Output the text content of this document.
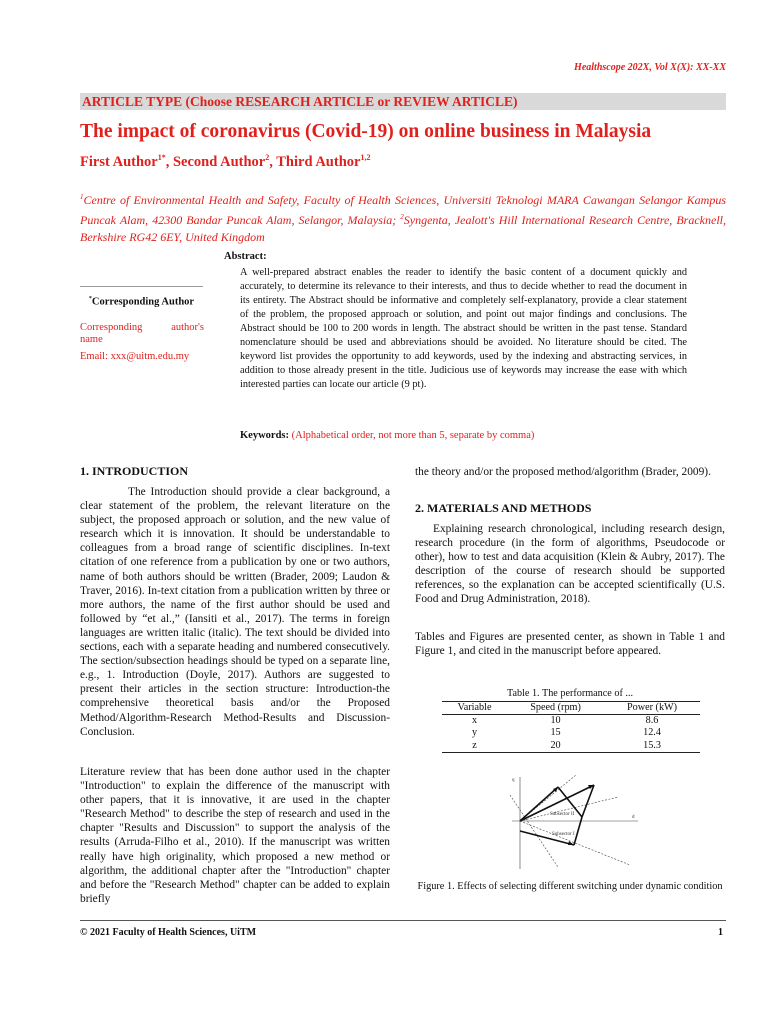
Healthscope 202X, Vol X(X): XX-XX
ARTICLE TYPE (Choose RESEARCH ARTICLE or REVIEW ARTICLE)
The impact of coronavirus (Covid-19) on online business in Malaysia
First Author$^{1*}$, Second Author$^2$, Third Author$^{1,2}$
$^1$Centre of Environmental Health and Safety, Faculty of Health Sciences, Universiti Teknologi MARA Cawangan Selangor Kampus Puncak Alam, 42300 Bandar Puncak Alam, Selangor, Malaysia; $^2$Syngenta, Jealott's Hill International Research Centre, Bracknell, Berkshire RG42 6EY, United Kingdom
Abstract:
A well-prepared abstract enables the reader to identify the basic content of a document quickly and accurately, to determine its relevance to their interests, and thus to decide whether to read the document in its entirety. The Abstract should be informative and completely self-explanatory, provide a clear statement of the problem, the proposed approach or solution, and point out major findings and conclusions. The Abstract should be 100 to 200 words in length. The abstract should be written in the past tense. Standard nomenclature should be used and abbreviations should be avoided. No literature should be cited. The keyword list provides the opportunity to add keywords, used by the indexing and abstracting services, in addition to those already present in the title. Judicious use of keywords may increase the ease with which interested parties can locate our article (9 pt).
*Corresponding Author
Corresponding author's
name
Email: xxx@uitm.edu.my
Keywords: (Alphabetical order, not more than 5, separate by comma)
1. INTRODUCTION

The Introduction should provide a clear background, a clear statement of the problem, the relevant literature on the subject, the proposed approach or solution, and the new value of research which it is innovation. It should be understandable to colleagues from a broad range of scientific disciplines. In-text citation of one reference from a publication by one or two authors, name of both authors should be written (Brader, 2009; Laudon & Traver, 2016). In-text citation from a publication written by three or more authors, the name of the first author should be used and followed by “et al.,” (Iansiti et al., 2017). The terms in foreign languages are written italic (italic). The text should be divided into sections, each with a separate heading and numbered consecutively. The section/subsection headings should be typed on a separate line, e.g., 1. Introduction (Doyle, 2017). Authors are suggested to present their articles in the section structure: Introduction-the comprehensive theoretical basis and/or the Proposed Method/Algorithm-Research Method-Results and Discussion-Conclusion.

Literature review that has been done author used in the chapter "Introduction" to explain the difference of the manuscript with other papers, that it is innovative, it are used in the chapter "Research Method" to describe the step of research and used in the chapter "Results and Discussion" to support the analysis of the results (Arruda-Filho et al., 2010). If the manuscript was written really have high originality, which proposed a new method or algorithm, the additional chapter after the "Introduction" chapter and before the "Research Method" chapter can be added to explain briefly

the theory and/or the proposed method/algorithm (Brader, 2009).

2. MATERIALS AND METHODS

Explaining research chronological, including research design, research procedure (in the form of algorithms, Pseudocode or other), how to test and data acquisition (Klein & Aubry, 2017). The description of the course of research should be supported references, so the explanation can be accepted scientifically (U.S. Food and Drug Administration, 2018).

Tables and Figures are presented center, as shown in Table 1 and Figure 1, and cited in the manuscript before appeared.

Table 1. The performance of ...
Variable	Speed (rpm)	Power (kW)
x	10	8.6
y	15	12.4
z	20	15.3
q
d
Subsector II
Subsector I
Figure 1. Effects of selecting different switching under dynamic condition
© 2021 Faculty of Health Sciences, UiTM	1
